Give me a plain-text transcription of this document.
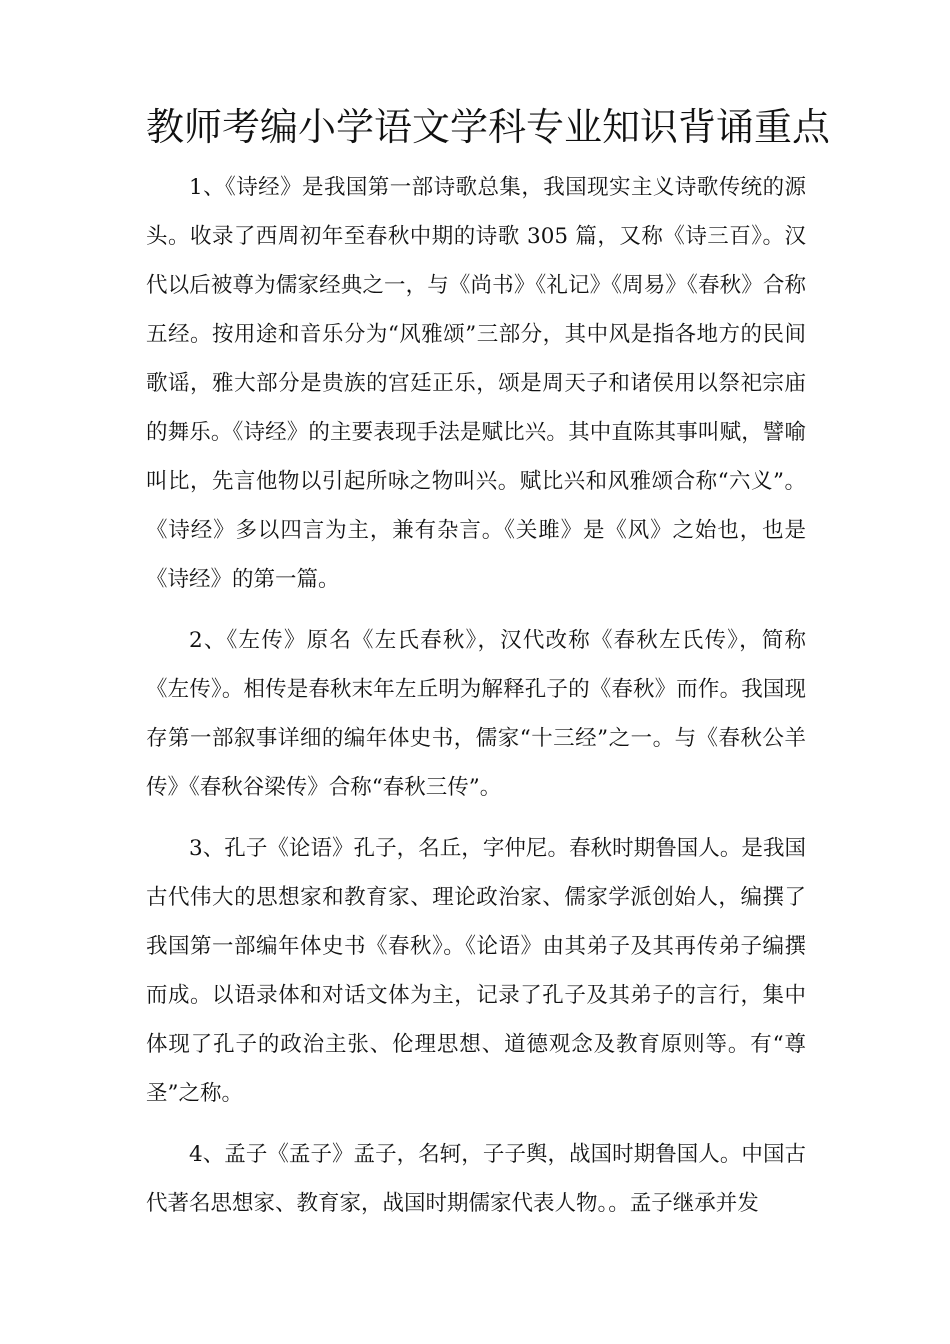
教师考编小学语文学科专业知识背诵重点

1、《诗经》是我国第一部诗歌总集，我国现实主义诗歌传统的源头。收录了西周初年至春秋中期的诗歌 305 篇，又称《诗三百》。汉代以后被尊为儒家经典之一，与《尚书》《礼记》《周易》《春秋》合称五经。按用途和音乐分为“风雅颂”三部分，其中风是指各地方的民间歌谣，雅大部分是贵族的宫廷正乐，颂是周天子和诸侯用以祭祀宗庙的舞乐。《诗经》的主要表现手法是赋比兴。其中直陈其事叫赋，譬喻叫比，先言他物以引起所咏之物叫兴。赋比兴和风雅颂合称“六义”。《诗经》多以四言为主，兼有杂言。《关雎》是《风》之始也，也是《诗经》的第一篇。

2、《左传》原名《左氏春秋》，汉代改称《春秋左氏传》，简称《左传》。相传是春秋末年左丘明为解释孔子的《春秋》而作。我国现存第一部叙事详细的编年体史书，儒家“十三经”之一。与《春秋公羊传》《春秋谷梁传》合称“春秋三传”。

3、孔子《论语》孔子，名丘，字仲尼。春秋时期鲁国人。是我国古代伟大的思想家和教育家、理论政治家、儒家学派创始人，编撰了我国第一部编年体史书《春秋》。《论语》由其弟子及其再传弟子编撰而成。以语录体和对话文体为主，记录了孔子及其弟子的言行，集中体现了孔子的政治主张、伦理思想、道德观念及教育原则等。有“尊圣”之称。

4、孟子《孟子》孟子，名轲，子子舆，战国时期鲁国人。中国古代著名思想家、教育家，战国时期儒家代表人物。。孟子继承并发
